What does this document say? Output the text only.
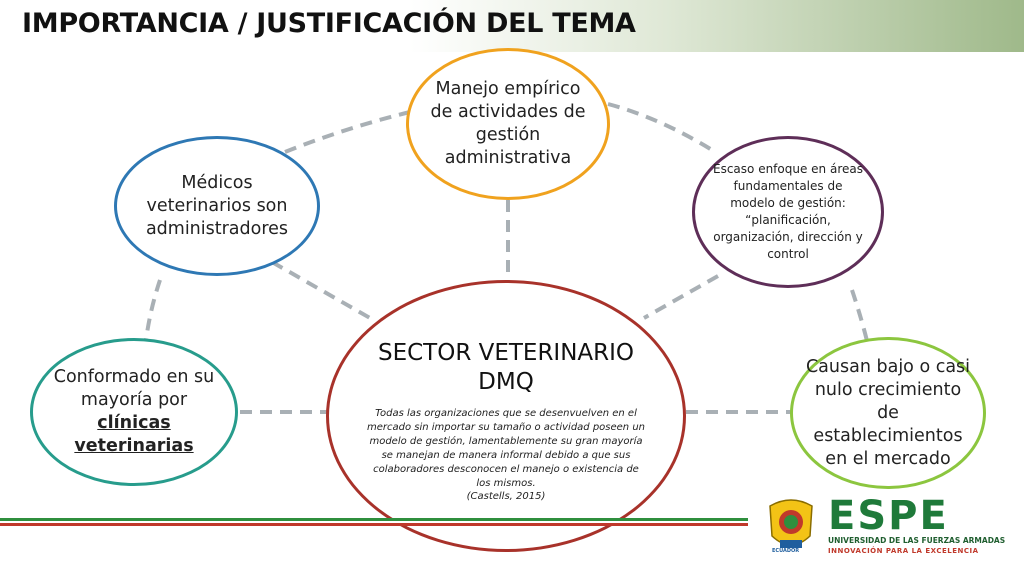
IMPORTANCIA / JUSTIFICACIÓN DEL TEMA
Manejo empírico de actividades de gestión administrativa
Médicos veterinarios son administradores
Escaso enfoque en áreas fundamentales de modelo de gestión: “planificación, organización, dirección y control
Conformado en su mayoría por
clínicas veterinarias
Causan bajo o casi nulo crecimiento de establecimientos en el mercado
SECTOR VETERINARIO DMQ
Todas las organizaciones que se desenvuelven en el mercado sin importar su tamaño o actividad poseen un modelo de gestión, lamentablemente su gran mayoría se manejan de manera informal debido a que sus colaboradores desconocen el manejo o existencia de los mismos.
(Castells, 2015)
ECUADOR
ESPE
UNIVERSIDAD DE LAS FUERZAS ARMADAS
INNOVACIÓN PARA LA EXCELENCIA
